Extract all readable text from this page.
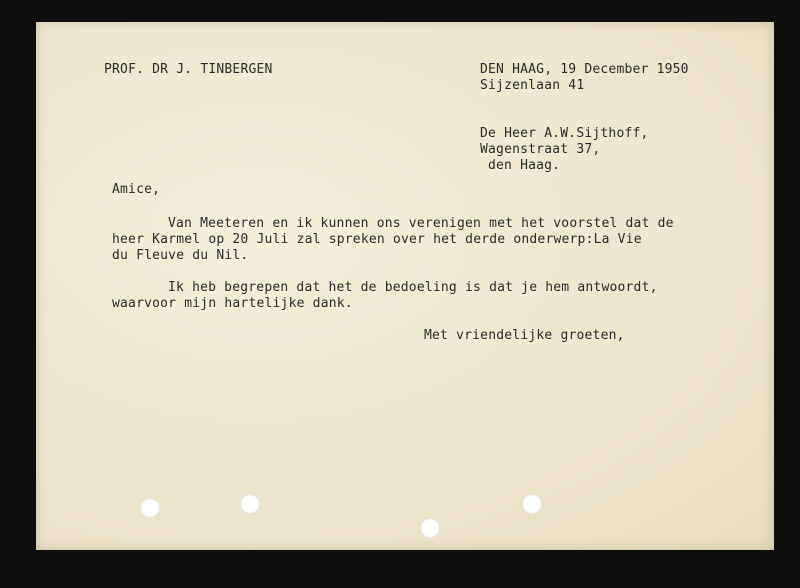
PROF. DR J. TINBERGEN	DEN HAAG, 19 December 1950
Sijzenlaan 41
De Heer A.W.Sijthoff,
Wagenstraat 37,
den Haag.
Amice,
Van Meeteren en ik kunnen ons verenigen met het voorstel dat de
heer Karmel op 20 Juli zal spreken over het derde onderwerp:La Vie
du Fleuve du Nil.
Ik heb begrepen dat het de bedoeling is dat je hem antwoordt,
waarvoor mijn hartelijke dank.
Met vriendelijke groeten,
